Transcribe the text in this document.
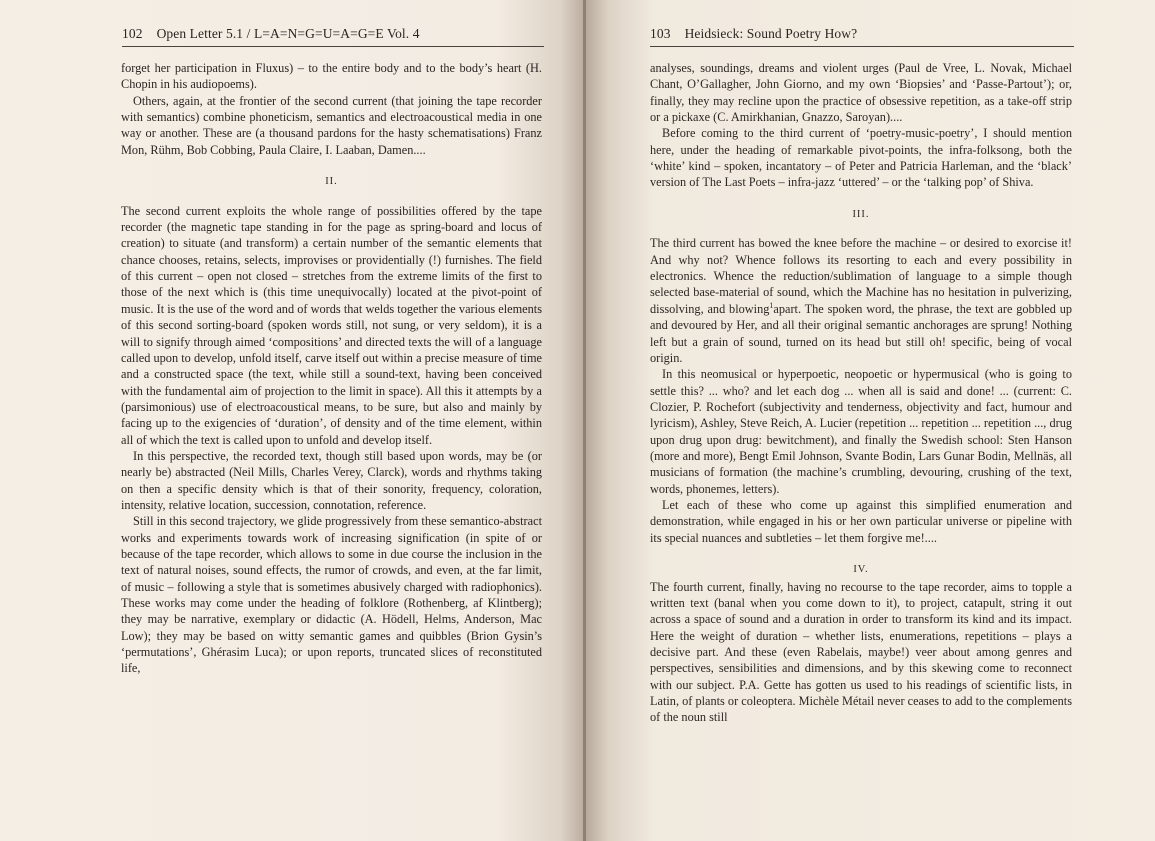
102 Open Letter 5.1 / L=A=N=G=U=A=G=E Vol. 4

forget her participation in Fluxus) – to the entire body and to the body’s heart (H. Chopin in his audiopoems).

Others, again, at the frontier of the second current (that joining the tape recorder with semantics) combine phoneticism, semantics and electroacoustical media in one way or another. These are (a thousand pardons for the hasty schematisations) Franz Mon, Rühm, Bob Cobbing, Paula Claire, I. Laaban, Damen....

II.

The second current exploits the whole range of possibilities offered by the tape recorder (the magnetic tape standing in for the page as spring-board and locus of creation) to situate (and transform) a certain number of the semantic elements that chance chooses, retains, selects, improvises or providentially (!) furnishes. The field of this current – open not closed – stretches from the extreme limits of the first to those of the next which is (this time unequivocally) located at the pivot-point of music. It is the use of the word and of words that welds together the various elements of this second sorting-board (spoken words still, not sung, or very seldom), it is a will to signify through aimed ‘compositions’ and directed texts the will of a language called upon to develop, unfold itself, carve itself out within a precise measure of time and a constructed space (the text, while still a sound-text, having been conceived with the fundamental aim of projection to the limit in space). All this it attempts by a (parsimonious) use of electroacoustical means, to be sure, but also and mainly by facing up to the exigencies of ‘duration’, of density and of the time element, within all of which the text is called upon to unfold and develop itself.

In this perspective, the recorded text, though still based upon words, may be (or nearly be) abstracted (Neil Mills, Charles Verey, Clarck), words and rhythms taking on then a specific density which is that of their sonority, frequency, coloration, intensity, relative location, succession, connotation, reference.

Still in this second trajectory, we glide progressively from these semantico-abstract works and experiments towards work of increasing signification (in spite of or because of the tape recorder, which allows to some in due course the inclusion in the text of natural noises, sound effects, the rumor of crowds, and even, at the far limit, of music – following a style that is sometimes abusively charged with radiophonics). These works may come under the heading of folklore (Rothenberg, af Klintberg); they may be narrative, exemplary or didactic (A. Hödell, Helms, Anderson, Mac Low); they may be based on witty semantic games and quibbles (Brion Gysin’s ‘permutations’, Ghérasim Luca); or upon reports, truncated slices of reconstituted life,

103 Heidsieck: Sound Poetry How?

analyses, soundings, dreams and violent urges (Paul de Vree, L. Novak, Michael Chant, O’Gallagher, John Giorno, and my own ‘Biopsies’ and ‘Passe-Partout’); or, finally, they may recline upon the practice of obsessive repetition, as a take-off strip or a pickaxe (C. Amirkhanian, Gnazzo, Saroyan)....

Before coming to the third current of ‘poetry-music-poetry’, I should mention here, under the heading of remarkable pivot-points, the infra-folksong, both the ‘white’ kind – spoken, incantatory – of Peter and Patricia Harleman, and the ‘black’ version of The Last Poets – infra-jazz ‘uttered’ – or the ‘talking pop’ of Shiva.

III.

The third current has bowed the knee before the machine – or desired to exorcise it! And why not? Whence follows its resorting to each and every possibility in electronics. Whence the reduction/sublimation of language to a simple though selected base-material of sound, which the Machine has no hesitation in pulverizing, dissolving, and blowing$^1$apart. The spoken word, the phrase, the text are gobbled up and devoured by Her, and all their original semantic anchorages are sprung! Nothing left but a grain of sound, turned on its head but still oh! specific, being of vocal origin.

In this neomusical or hyperpoetic, neopoetic or hypermusical (who is going to settle this? ... who? and let each dog ... when all is said and done! ... (current: C. Clozier, P. Rochefort (subjectivity and tenderness, objectivity and fact, humour and lyricism), Ashley, Steve Reich, A. Lucier (repetition ... repetition ... repetition ..., drug upon drug upon drug: bewitchment), and finally the Swedish school: Sten Hanson (more and more), Bengt Emil Johnson, Svante Bodin, Lars Gunar Bodin, Mellnäs, all musicians of formation (the machine’s crumbling, devouring, crushing of the text, words, phonemes, letters).

Let each of these who come up against this simplified enumeration and demonstration, while engaged in his or her own particular universe or pipeline with its special nuances and subtleties – let them forgive me!....

IV.

The fourth current, finally, having no recourse to the tape recorder, aims to topple a written text (banal when you come down to it), to project, catapult, string it out across a space of sound and a duration in order to transform its kind and its impact. Here the weight of duration – whether lists, enumerations, repetitions – plays a decisive part. And these (even Rabelais, maybe!) veer about among genres and perspectives, sensibilities and dimensions, and by this skewing come to reconnect with our subject. P.A. Gette has gotten us used to his readings of scientific lists, in Latin, of plants or coleoptera. Michèle Métail never ceases to add to the complements of the noun still
